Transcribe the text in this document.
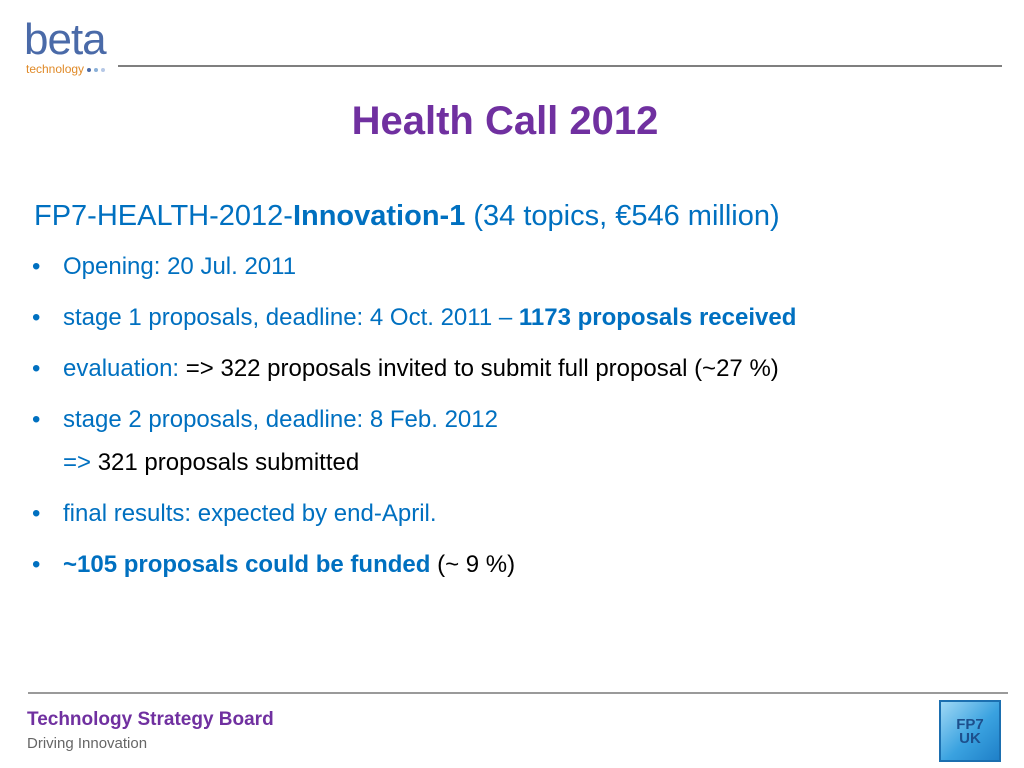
beta
technology
Health Call 2012
FP7-HEALTH-2012-Innovation-1 (34 topics, €546 million)
• Opening: 20 Jul. 2011
• stage 1 proposals, deadline: 4 Oct. 2011 – 1173 proposals received
• evaluation: => 322 proposals invited to submit full proposal (~27 %)
• stage 2 proposals, deadline: 8 Feb. 2012
=> 321 proposals submitted
• final results: expected by end-April.
• ~105 proposals could be funded (~ 9 %)
Technology Strategy Board
Driving Innovation
FP7
UK
